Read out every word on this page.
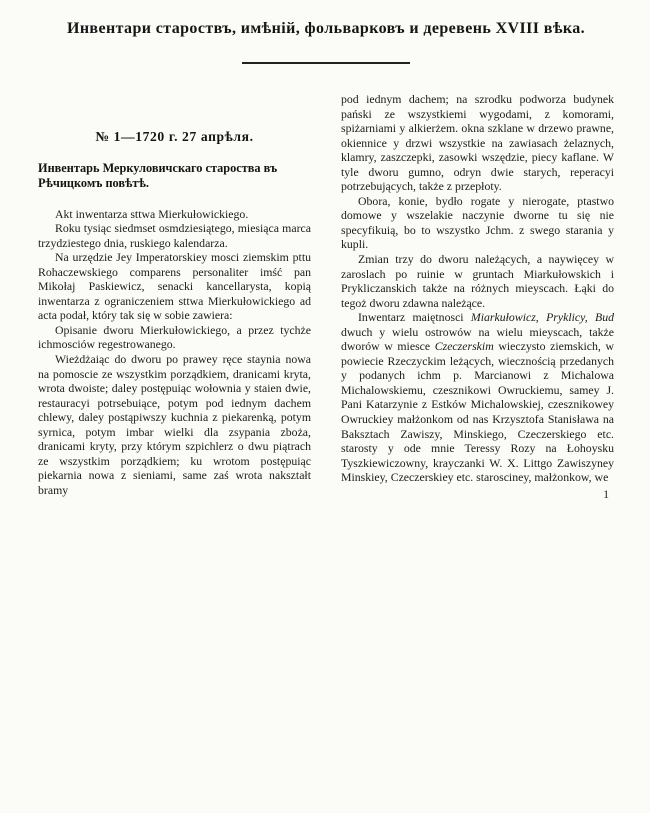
Инвентари староствъ, имѣній, фольварковъ и деревень XVIII вѣка.
№ 1—1720 г. 27 апрѣля.
Инвентарь Меркуловичскаго староства въ Рѣчицкомъ повѣтѣ.

Akt inwentarza sttwa Mierkułowickiego.

Roku tysiąc siedmset osmdziesiątego, miesiąca marca trzydziestego dnia, ruskiego kalendarza.

Na urzędzie Jey Imperatorskiey mosci ziemskim pttu Rohaczewskiego comparens personaliter imść pan Mikołaj Paskiewicz, senacki kancellarysta, kopią inwentarza z ograniczeniem sttwa Mierkułowickiego ad acta podał, który tak się w sobie zawiera:

Opisanie dworu Mierkułowickiego, a przez tychże ichmosciów regestrowanego.

Wieżdżaiąc do dworu po prawey ręce staynia nowa na pomoscie ze wszystkim porządkiem, dranicami kryta, wrota dwoiste; daley postępuiąc wołownia y staien dwie, restauracyi potrsebuiące, potym pod iednym dachem chlewy, daley postąpiwszy kuchnia z piekarenką, potym syrnica, potym imbar wielki dla zsypania zboża, dranicami kryty, przy którym szpichlerz o dwu piątrach ze wszystkim porządkiem; ku wrotom postępuiąc piekarnia nowa z sieniami, same zaś wrota nakształt bramy

pod iednym dachem; na szrodku podworza budynek pański ze wszystkiemi wygodami, z komorami, spiżarniami y alkierżem. okna szklane w drzewo prawne, okiennice y drzwi wszystkie na zawiasach żelaznych, klamry, zaszczepki, zasowki wszędzie, piecy kaflane. W tyle dworu gumno, odryn dwie starych, reperacyi potrzebujących, także z przepłoty.

Obora, konie, bydło rogate y nierogate, ptastwo domowe y wszelakie naczynie dworne tu się nie specyfikuią, bo to wszystko Jchm. z swego starania y kupli.

Zmian trzy do dworu należących, a naywięcey w zaroslach po ruinie w gruntach Miarkułowskich i Prykliczanskich także na różnych mieyscach. Łąki do tegoż dworu zdawna należące.

Inwentarz maiętnosci Miarkułowicz, Pryklicy, Bud dwuch y wielu ostrowów na wielu mieyscach, także dworów w miesce Czeczerskim wieczysto ziemskich, w powiecie Rzeczyckim leżących, wiecznością przedanych y podanych ichm p. Marcianowi z Michalowa Michalowskiemu, czesznikowi Owruckiemu, samey J. Pani Katarzynie z Estków Michalowskiej, czesznikowey Owruckiey małżonkom od nas Krzysztofa Stanisława na Baksztach Zawiszy, Minskiego, Czeczerskiego etc. starosty y ode mnie Teressy Rozy na Łohoysku Tyszkiewiczowny, krayczanki W. X. Littgo Zawiszyney Minskiey, Czeczerskiey etc. starosciney, małżonkow, we

1
